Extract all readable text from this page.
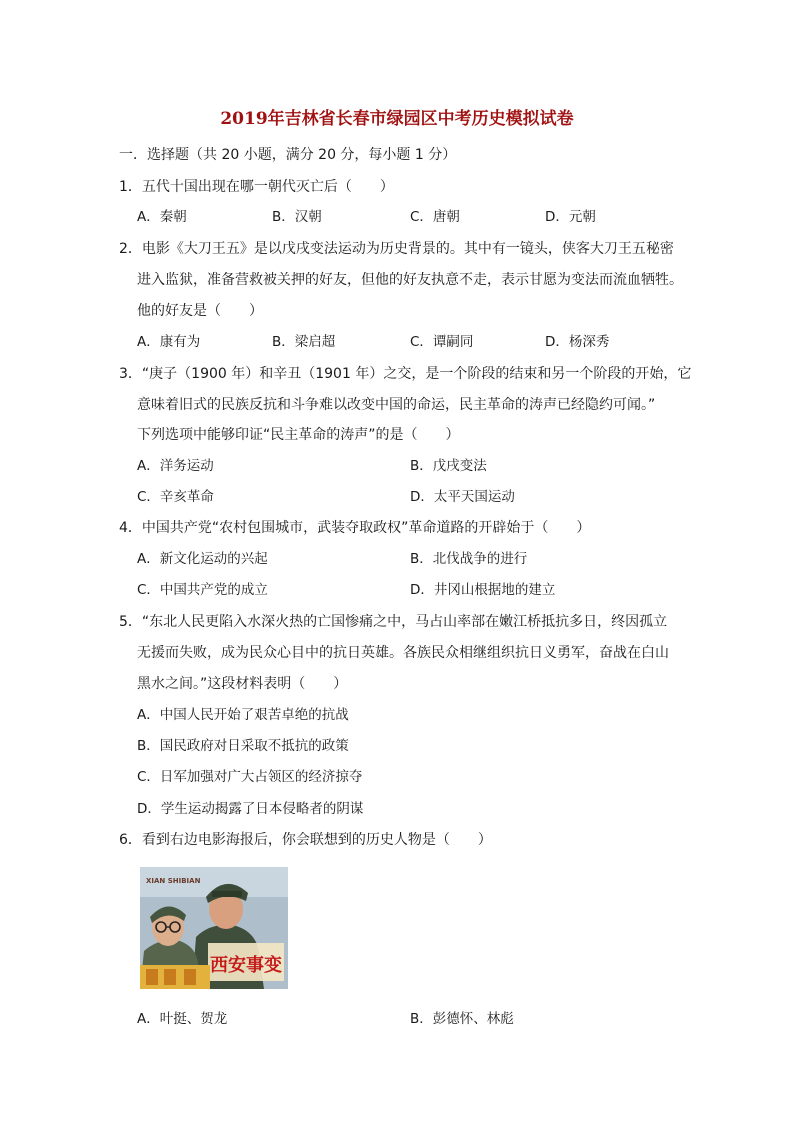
2019年吉林省长春市绿园区中考历史模拟试卷
一．选择题（共 20 小题，满分 20 分，每小题 1 分）
1．五代十国出现在哪一朝代灭亡后（　　）
A．秦朝	B．汉朝	C．唐朝	D．元朝
2．电影《大刀王五》是以戊戌变法运动为历史背景的。其中有一镜头，侠客大刀王五秘密
进入监狱，准备营救被关押的好友，但他的好友执意不走，表示甘愿为变法而流血牺牲。
他的好友是（　　）
A．康有为	B．梁启超	C．谭嗣同	D．杨深秀
3．“庚子（1900 年）和辛丑（1901 年）之交，是一个阶段的结束和另一个阶段的开始，它
意味着旧式的民族反抗和斗争难以改变中国的命运，民主革命的涛声已经隐约可闻。”
下列选项中能够印证“民主革命的涛声”的是（　　）
A．洋务运动	B．戊戌变法
C．辛亥革命	D．太平天国运动
4．中国共产党“农村包围城市，武装夺取政权”革命道路的开辟始于（　　）
A．新文化运动的兴起	B．北伐战争的进行
C．中国共产党的成立	D．井冈山根据地的建立
5．“东北人民更陷入水深火热的亡国惨痛之中，马占山率部在嫩江桥抵抗多日，终因孤立
无援而失败，成为民众心目中的抗日英雄。各族民众相继组织抗日义勇军，奋战在白山
黑水之间。”这段材料表明（　　）
A．中国人民开始了艰苦卓绝的抗战
B．国民政府对日采取不抵抗的政策
C．日军加强对广大占领区的经济掠夺
D．学生运动揭露了日本侵略者的阴谋
6．看到右边电影海报后，你会联想到的历史人物是（　　）
XIAN SHIBIAN
西安事变
A．叶挺、贺龙	B．彭德怀、林彪
